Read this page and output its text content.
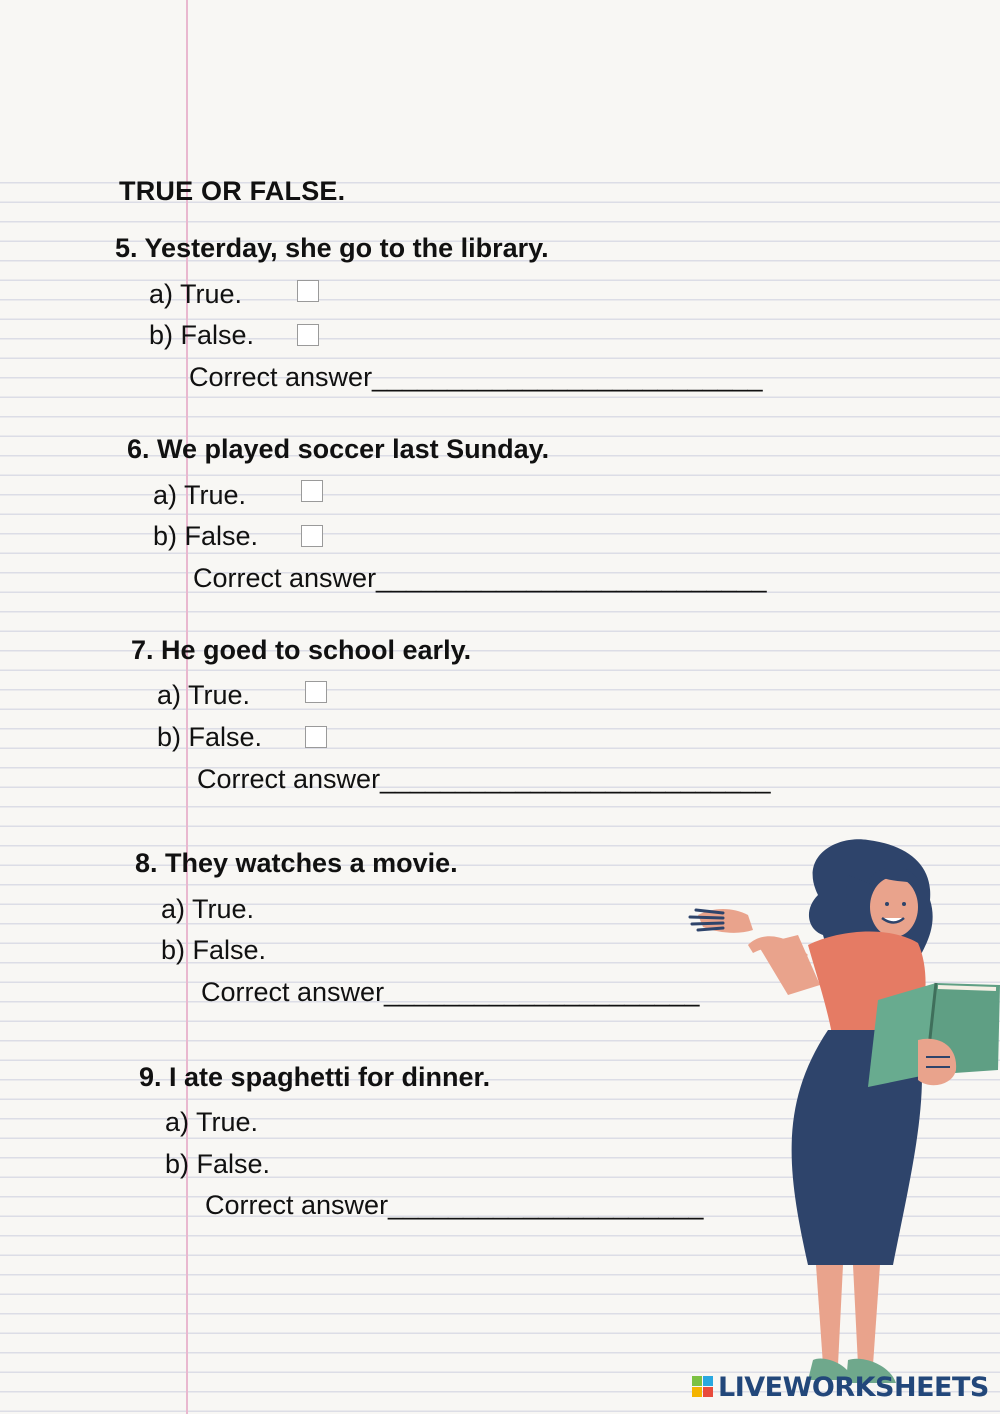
TRUE OR FALSE.
5. Yesterday, she go to the library.
a) True.
b) False.
Correct answer__________________________
6. We played soccer last Sunday.
a) True.
b) False.
Correct answer__________________________
7. He goed to school early.
a) True.
b) False.
Correct answer__________________________
8. They watches a movie.
a) True.
b) False.
Correct answer_____________________
9. I ate spaghetti for dinner.
a) True.
b) False.
Correct answer_____________________
LIVEWORKSHEETS
